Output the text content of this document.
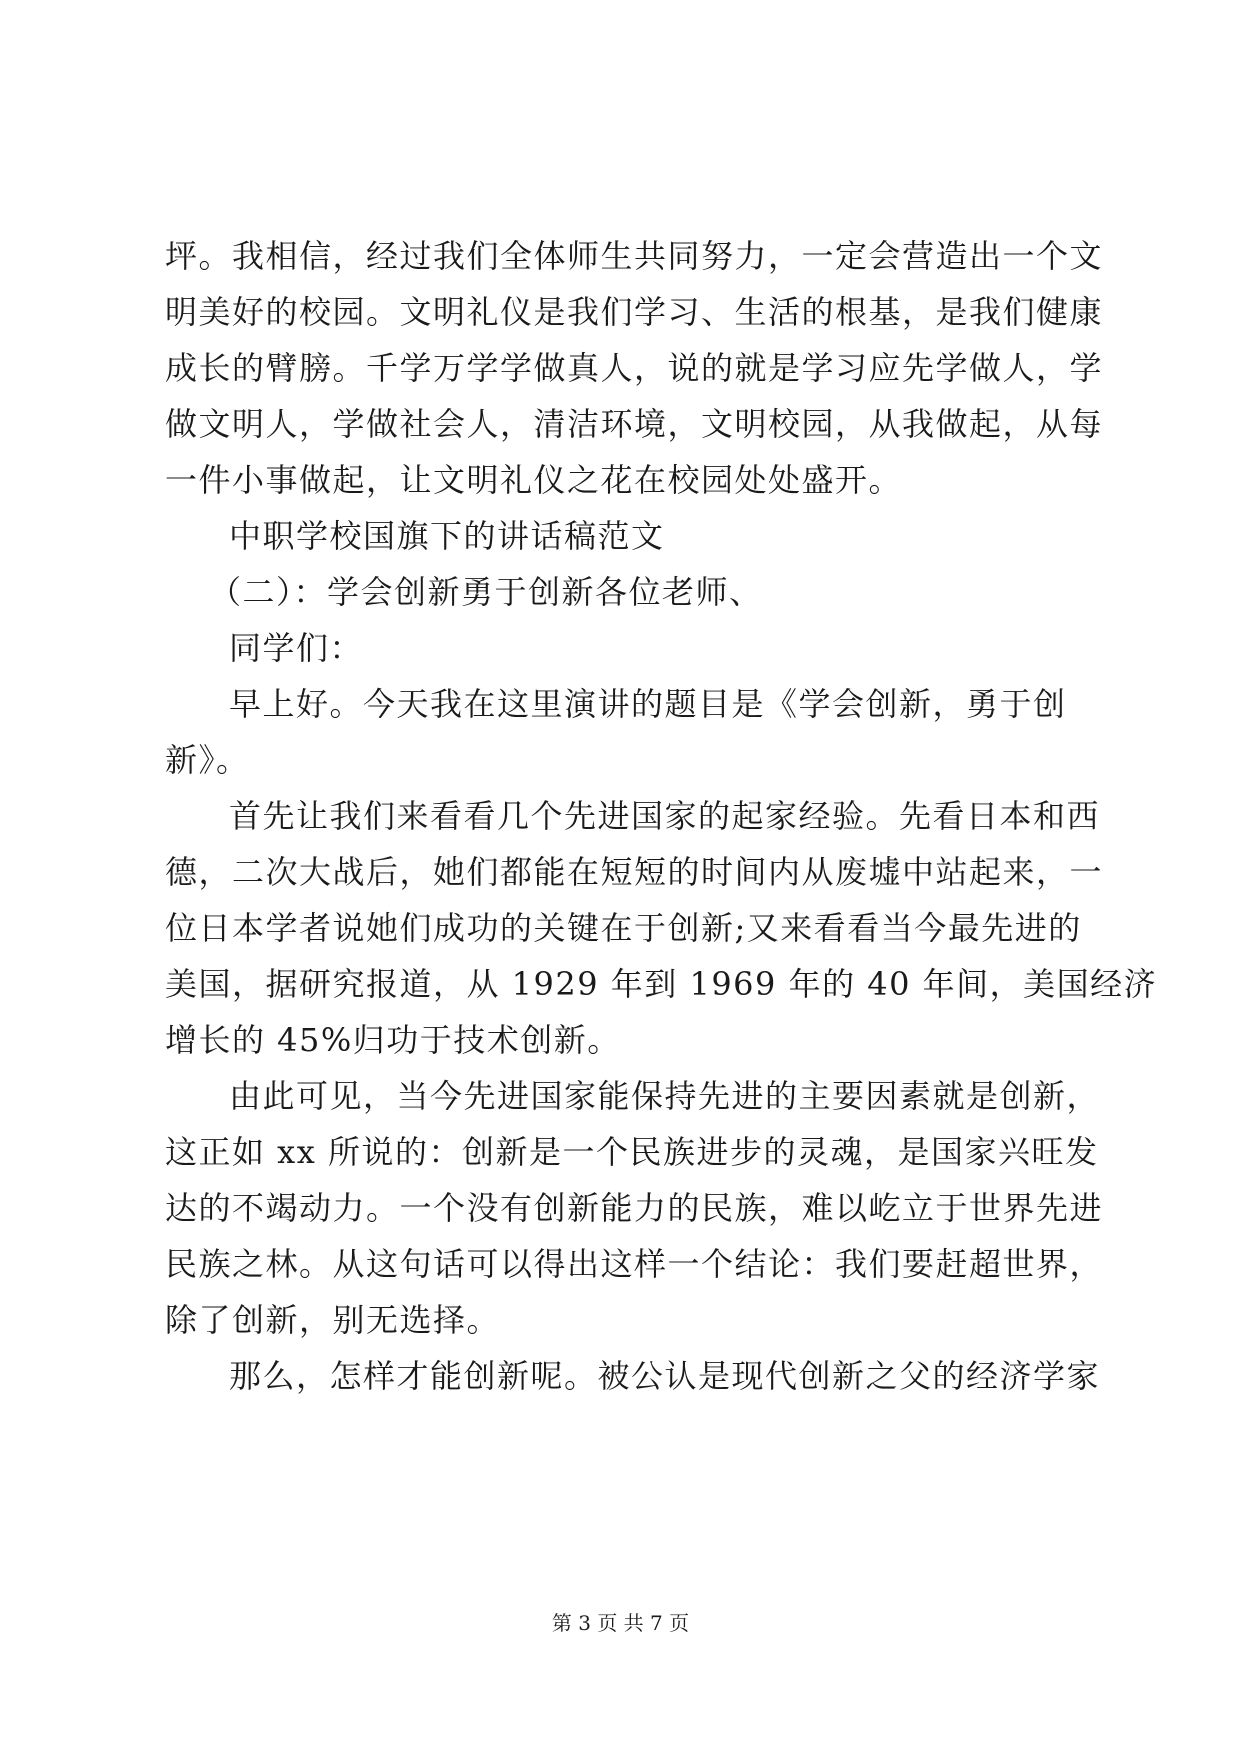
坪。我相信，经过我们全体师生共同努力，一定会营造出一个文
明美好的校园。文明礼仪是我们学习、生活的根基，是我们健康
成长的臂膀。千学万学学做真人，说的就是学习应先学做人，学
做文明人，学做社会人，清洁环境，文明校园，从我做起，从每
一件小事做起，让文明礼仪之花在校园处处盛开。
中职学校国旗下的讲话稿范文
（二）：学会创新勇于创新各位老师、
同学们：
早上好。今天我在这里演讲的题目是《学会创新，勇于创
新》。
首先让我们来看看几个先进国家的起家经验。先看日本和西
德，二次大战后，她们都能在短短的时间内从废墟中站起来，一
位日本学者说她们成功的关键在于创新;又来看看当今最先进的
美国，据研究报道，从 1929 年到 1969 年的 40 年间，美国经济
增长的 45%归功于技术创新。
由此可见，当今先进国家能保持先进的主要因素就是创新，
这正如 xx 所说的：创新是一个民族进步的灵魂，是国家兴旺发
达的不竭动力。一个没有创新能力的民族，难以屹立于世界先进
民族之林。从这句话可以得出这样一个结论：我们要赶超世界，
除了创新，别无选择。
那么，怎样才能创新呢。被公认是现代创新之父的经济学家
第 3 页 共 7 页
